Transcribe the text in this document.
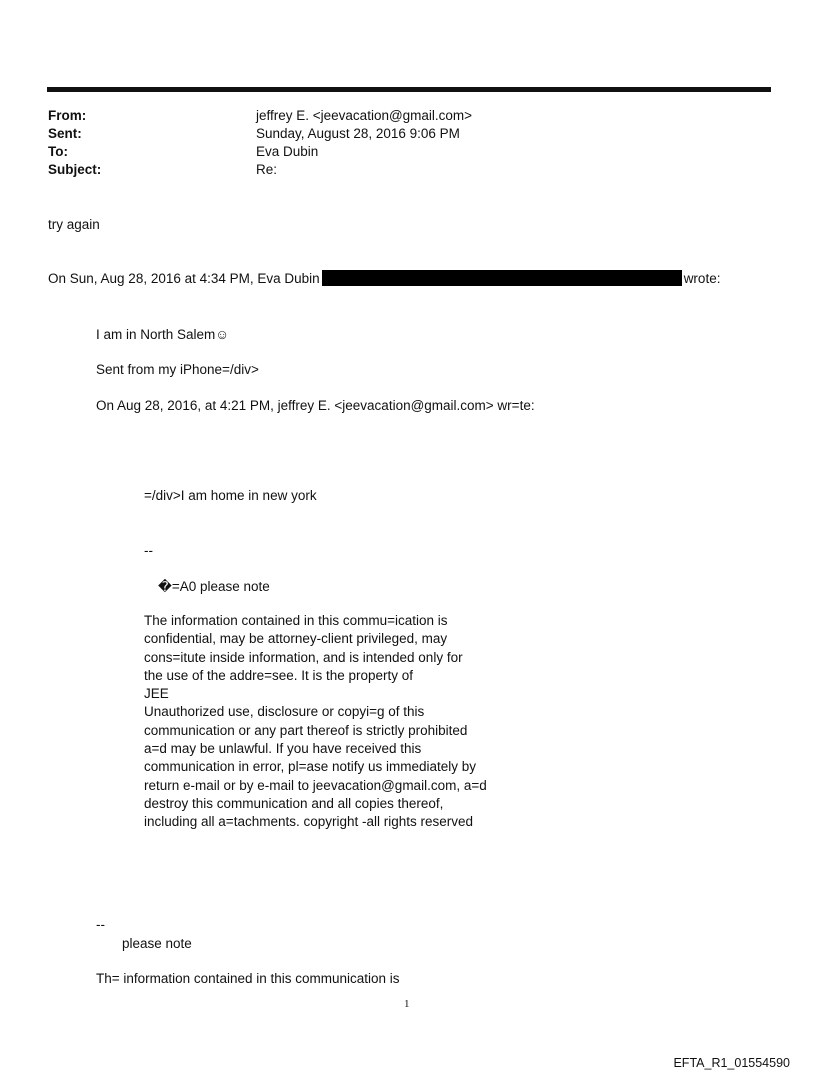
From:	jeffrey E. <jeevacation@gmail.com>
Sent:	Sunday, August 28, 2016 9:06 PM
To:	Eva Dubin
Subject:	Re:
try again
On Sun, Aug 28, 2016 at 4:34 PM, Eva Dubin	wrote:
I am in North Salem☺
Sent from my iPhone=/div>
On Aug 28, 2016, at 4:21 PM, jeffrey E. <jeevacation@gmail.com> wr=te:
=/div>I am home in new york
--
�=A0 please note
The information contained in this commu=ication is
confidential, may be attorney-client privileged, may
cons=itute inside information, and is intended only for
the use of the addre=see. It is the property of
JEE
Unauthorized use, disclosure or copyi=g of this
communication or any part thereof is strictly prohibited
a=d may be unlawful. If you have received this
communication in error, pl=ase notify us immediately by
return e-mail or by e-mail to jeevacation@gmail.com, a=d
destroy this communication and all copies thereof,
including all a=tachments. copyright -all rights reserved
--
please note
Th= information contained in this communication is
1
EFTA_R1_01554590
